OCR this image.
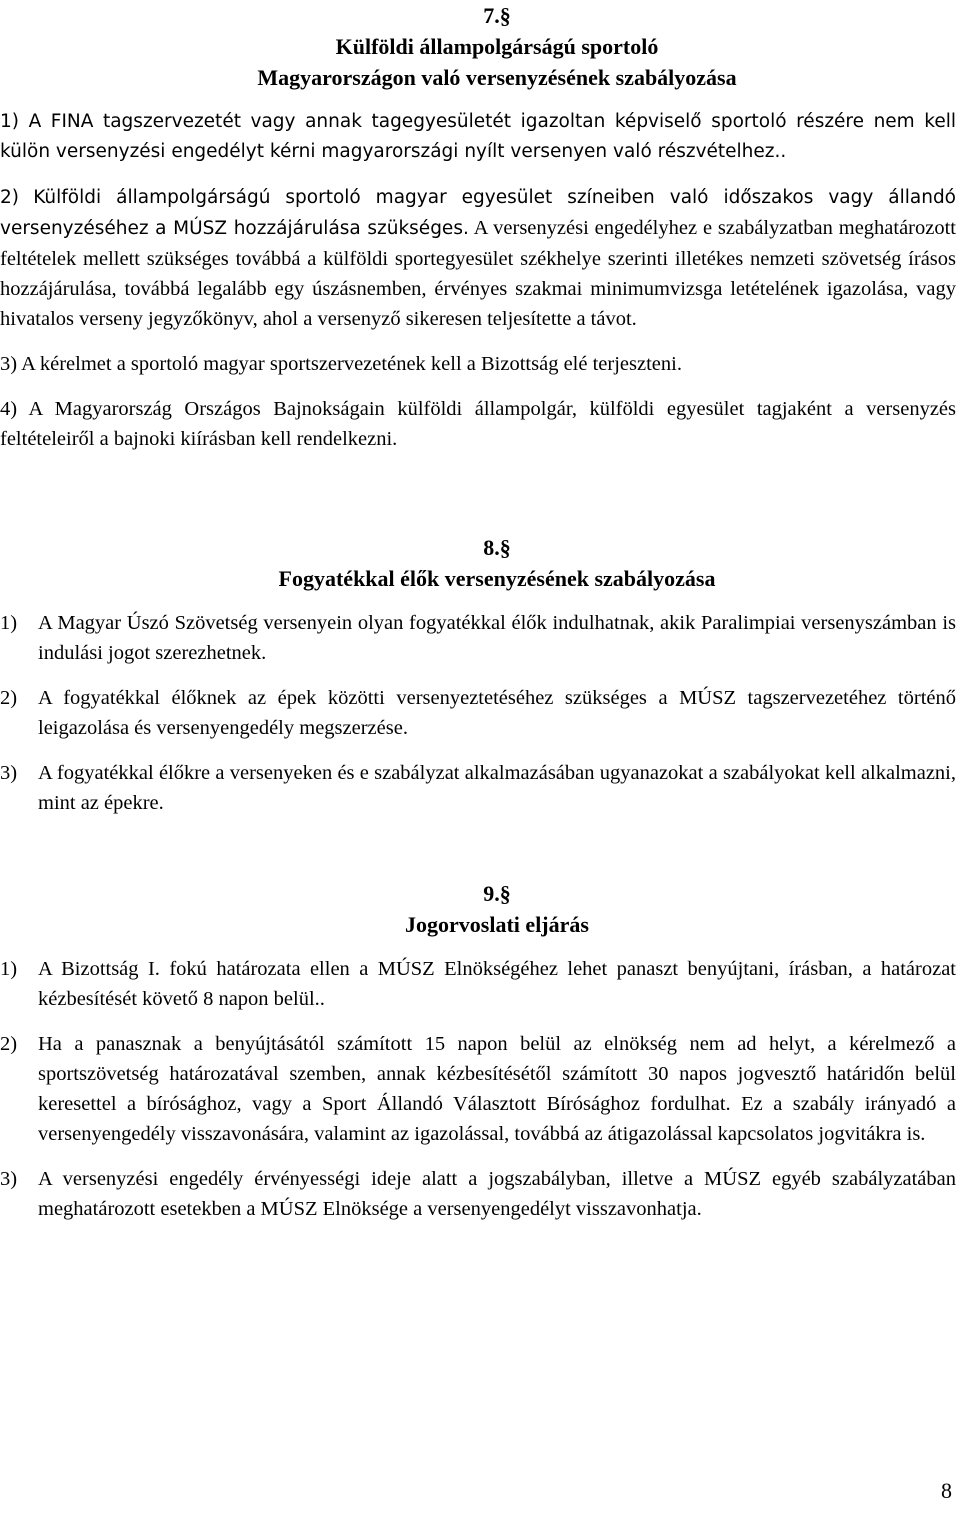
7.§
Külföldi állampolgárságú sportoló
Magyarországon való versenyzésének szabályozása

1) A FINA tagszervezetét vagy annak tagegyesületét igazoltan képviselő sportoló részére nem kell külön versenyzési engedélyt kérni magyarországi nyílt versenyen való részvételhez..

2) Külföldi állampolgárságú sportoló magyar egyesület színeiben való időszakos vagy állandó versenyzéséhez a MÚSZ hozzájárulása szükséges. A versenyzési engedélyhez e szabályzatban meghatározott feltételek mellett szükséges továbbá a külföldi sportegyesület székhelye szerinti illetékes nemzeti szövetség írásos hozzájárulása, továbbá legalább egy úszásnemben, érvényes szakmai minimumvizsga letételének igazolása, vagy hivatalos verseny jegyzőkönyv, ahol a versenyző sikeresen teljesítette a távot.

3) A kérelmet a sportoló magyar sportszervezetének kell a Bizottság elé terjeszteni.

4) A Magyarország Országos Bajnokságain külföldi állampolgár, külföldi egyesület tagjaként a versenyzés feltételeiről a bajnoki kiírásban kell rendelkezni.

8.§
Fogyatékkal élők versenyzésének szabályozása
1)	A Magyar Úszó Szövetség versenyein olyan fogyatékkal élők indulhatnak, akik Paralimpiai versenyszámban is indulási jogot szerezhetnek.
2)	A fogyatékkal élőknek az épek közötti versenyeztetéséhez szükséges a MÚSZ tagszervezetéhez történő leigazolása és versenyengedély megszerzése.
3)	A fogyatékkal élőkre a versenyeken és e szabályzat alkalmazásában ugyanazokat a szabályokat kell alkalmazni, mint az épekre.
9.§
Jogorvoslati eljárás
1)	A Bizottság I. fokú határozata ellen a MÚSZ Elnökségéhez lehet panaszt benyújtani, írásban, a határozat kézbesítését követő 8 napon belül..
2)	Ha a panasznak a benyújtásától számított 15 napon belül az elnökség nem ad helyt, a kérelmező a sportszövetség határozatával szemben, annak kézbesítésétől számított 30 napos jogvesztő határidőn belül keresettel a bírósághoz, vagy a Sport Állandó Választott Bírósághoz fordulhat. Ez a szabály irányadó a versenyengedély visszavonására, valamint az igazolással, továbbá az átigazolással kapcsolatos jogvitákra is.
3)	A versenyzési engedély érvényességi ideje alatt a jogszabályban, illetve a MÚSZ egyéb szabályzatában meghatározott esetekben a MÚSZ Elnöksége a versenyengedélyt visszavonhatja.
8
